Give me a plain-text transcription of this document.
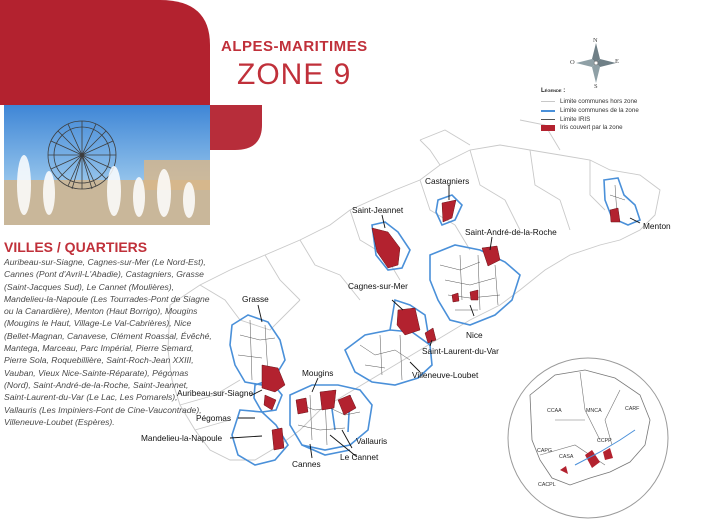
ALPES-MARITIMES
ZONE 9
VILLES / QUARTIERS
Auribeau-sur-Siagne, Cagnes-sur-Mer (Le Nord-Est), Cannes (Pont d'Avril-L'Abadie), Castagniers, Grasse (Saint-Jacques Sud), Le Cannet (Moulières), Mandelieu-la-Napoule (Les Tourrades-Pont de Siagne ou la Canardière), Menton (Haut Borrigo), Mougins (Mougins le Haut, Village-Le Val-Cabrières), Nice (Bellet-Magnan, Canavese, Clément Roassal, Évêché, Mantega, Marceau, Parc Impérial, Pierre Semard, Pierre Sola, Roquebillière, Saint-Roch-Jean XXIII, Vauban, Vieux Nice-Sainte-Réparate), Pégomas (Nord), Saint-André-de-la-Roche, Saint-Jeannet, Saint-Laurent-du-Var (Le Lac, Les Pomarels), Vallauris (Les Impiniers-Font de Cine-Vaucontrade), Villeneuve-Loubet (Espères).
N
S
E
O
Légende :
Limite communes hors zone
Limite communes de la zone
Limite IRIS
Iris couvert par la zone
Castagniers
Saint-Jeannet
Saint-André-de-la-Roche
Menton
Cagnes-sur-Mer
Nice
Saint-Laurent-du-Var
Villeneuve-Loubet
Grasse
Mougins
Auribeau-sur-Siagne
Pégomas
Mandelieu-la-Napoule	Vallauris
Le Cannet
Cannes
CCAA	MNCA	CARF
CAPG
CASA
CCPP
CACPL
